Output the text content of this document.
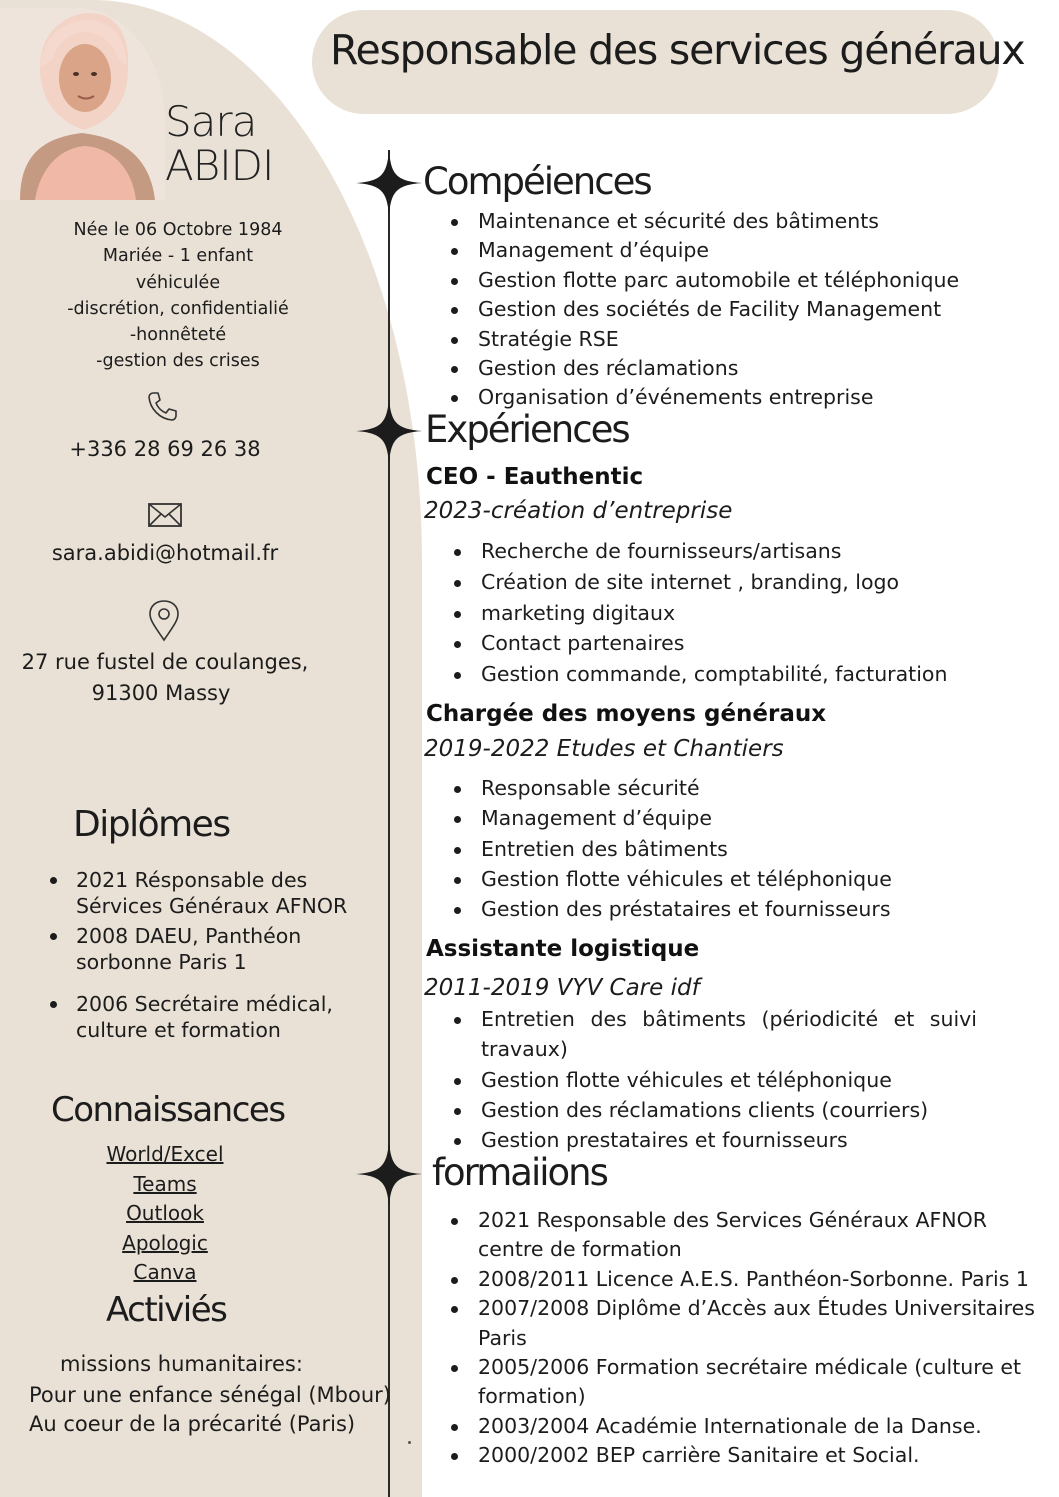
Sara
ABIDI
Née le 06 Octobre 1984
Mariée - 1 enfant
véhiculée
-discrétion, confidentialié
-honnêteté
-gestion des crises
+336 28 69 26 38
sara.abidi@hotmail.fr
27 rue fustel de coulanges,
91300 Massy
Diplômes
2021 Résponsable des Sérvices Généraux AFNOR
2008 DAEU, Panthéon sorbonne Paris 1
2006 Secrétaire médical, culture et formation
Connaissances
World/Excel
Teams
Outlook
Apologic
Canva
Activiés
missions humanitaires:
Pour une enfance sénégal (Mbour)
Au coeur de la précarité (Paris)
Responsable des services généraux
Compéiences
Maintenance et sécurité des bâtiments
Management d’équipe
Gestion flotte parc automobile et téléphonique
Gestion des sociétés de Facility Management
Stratégie RSE
Gestion des réclamations
Organisation d’événements entreprise
Expériences
CEO - Eauthentic
2023-création d’entreprise
Recherche de fournisseurs/artisans
Création de site internet , branding, logo
marketing digitaux
Contact partenaires
Gestion commande, comptabilité, facturation
Chargée des moyens généraux
2019-2022 Etudes et Chantiers
Responsable sécurité
Management d’équipe
Entretien des bâtiments
Gestion flotte véhicules et téléphonique
Gestion des préstataires et fournisseurs
Assistante logistique
2011-2019 VYV Care idf
Entretien des bâtiments (périodicité et suivi travaux)
Gestion flotte véhicules et téléphonique
Gestion des réclamations clients (courriers)
Gestion prestataires et fournisseurs
formaiions
2021 Responsable des Services Généraux AFNOR centre de formation
2008/2011 Licence A.E.S. Panthéon-Sorbonne. Paris 1
2007/2008 Diplôme d’Accès aux Études Universitaires Paris
2005/2006 Formation secrétaire médicale (culture et formation)
2003/2004 Académie Internationale de la Danse.
2000/2002 BEP carrière Sanitaire et Social.
